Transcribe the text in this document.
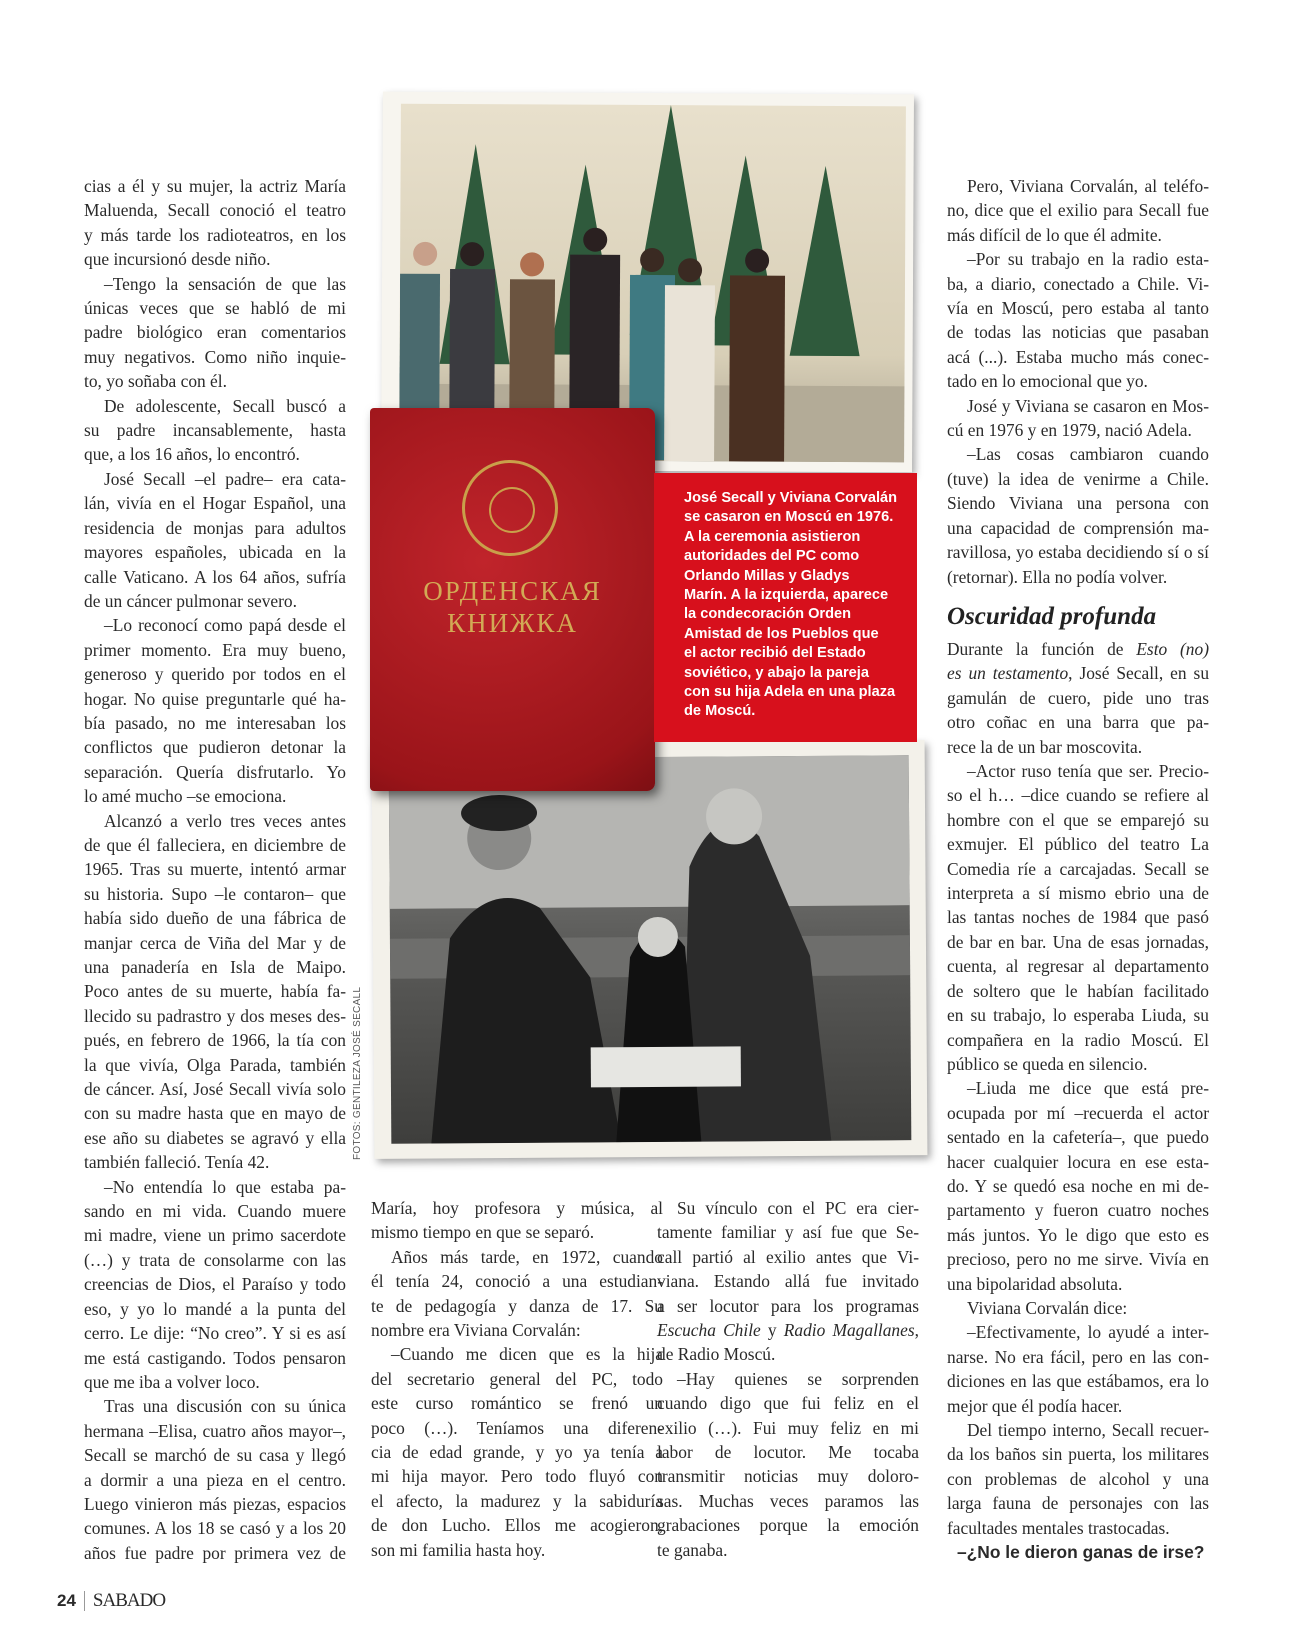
ОРДЕНСКАЯ
КНИЖКА
José Secall y Viviana Corvalán
se casaron en Moscú en 1976.
A la ceremonia asistieron
autoridades del PC como
Orlando Millas y Gladys
Marín. A la izquierda, aparece
la condecoración Orden
Amistad de los Pueblos que
el actor recibió del Estado
soviético, y abajo la pareja
con su hija Adela en una plaza
de Moscú.
FOTOS: GENTILEZA JOSÉ SECALL
cias a él y su mujer, la actriz María
Maluenda, Secall conoció el teatro
y más tarde los radioteatros, en los
que incursionó desde niño.
–Tengo la sensación de que las
únicas veces que se habló de mi
padre biológico eran comentarios
muy negativos. Como niño inquie-
to, yo soñaba con él.
De adolescente, Secall buscó a
su padre incansablemente, hasta
que, a los 16 años, lo encontró.
José Secall –el padre– era cata-
lán, vivía en el Hogar Español, una
residencia de monjas para adultos
mayores españoles, ubicada en la
calle Vaticano. A los 64 años, sufría
de un cáncer pulmonar severo.
–Lo reconocí como papá desde el
primer momento. Era muy bueno,
generoso y querido por todos en el
hogar. No quise preguntarle qué ha-
bía pasado, no me interesaban los
conflictos que pudieron detonar la
separación. Quería disfrutarlo. Yo
lo amé mucho –se emociona.
Alcanzó a verlo tres veces antes
de que él falleciera, en diciembre de
1965. Tras su muerte, intentó armar
su historia. Supo –le contaron– que
había sido dueño de una fábrica de
manjar cerca de Viña del Mar y de
una panadería en Isla de Maipo.
Poco antes de su muerte, había fa-
llecido su padrastro y dos meses des-
pués, en febrero de 1966, la tía con
la que vivía, Olga Parada, también
de cáncer. Así, José Secall vivía solo
con su madre hasta que en mayo de
ese año su diabetes se agravó y ella
también falleció. Tenía 42.
–No entendía lo que estaba pa-
sando en mi vida. Cuando muere
mi madre, viene un primo sacerdote
(…) y trata de consolarme con las
creencias de Dios, el Paraíso y todo
eso, y yo lo mandé a la punta del
cerro. Le dije: “No creo”. Y si es así
me está castigando. Todos pensaron
que me iba a volver loco.
Tras una discusión con su única
hermana –Elisa, cuatro años mayor–,
Secall se marchó de su casa y llegó
a dormir a una pieza en el centro.
Luego vinieron más piezas, espacios
comunes. A los 18 se casó y a los 20
años fue padre por primera vez de
María, hoy profesora y música, al
mismo tiempo en que se separó.
Años más tarde, en 1972, cuando
él tenía 24, conoció a una estudian-
te de pedagogía y danza de 17. Su
nombre era Viviana Corvalán:
–Cuando me dicen que es la hija
del secretario general del PC, todo
este curso romántico se frenó un
poco (…). Teníamos una diferen-
cia de edad grande, y yo ya tenía a
mi hija mayor. Pero todo fluyó con
el afecto, la madurez y la sabiduría
de don Lucho. Ellos me acogieron,
son mi familia hasta hoy.
Su vínculo con el PC era cier-
tamente familiar y así fue que Se-
call partió al exilio antes que Vi-
viana. Estando allá fue invitado
a ser locutor para los programas
Escucha Chile y Radio Magallanes,
de Radio Moscú.
–Hay quienes se sorprenden
cuando digo que fui feliz en el
exilio (…). Fui muy feliz en mi
labor de locutor. Me tocaba
transmitir noticias muy doloro-
sas. Muchas veces paramos las
grabaciones porque la emoción
te ganaba.
Pero, Viviana Corvalán, al teléfo-
no, dice que el exilio para Secall fue
más difícil de lo que él admite.
–Por su trabajo en la radio esta-
ba, a diario, conectado a Chile. Vi-
vía en Moscú, pero estaba al tanto
de todas las noticias que pasaban
acá (...). Estaba mucho más conec-
tado en lo emocional que yo.
José y Viviana se casaron en Mos-
cú en 1976 y en 1979, nació Adela.
–Las cosas cambiaron cuando
(tuve) la idea de venirme a Chile.
Siendo Viviana una persona con
una capacidad de comprensión ma-
ravillosa, yo estaba decidiendo sí o sí
(retornar). Ella no podía volver.
Oscuridad profunda
Durante la función de Esto (no)
es un testamento, José Secall, en su
gamulán de cuero, pide uno tras
otro coñac en una barra que pa-
rece la de un bar moscovita.
–Actor ruso tenía que ser. Precio-
so el h… –dice cuando se refiere al
hombre con el que se emparejó su
exmujer. El público del teatro La
Comedia ríe a carcajadas. Secall se
interpreta a sí mismo ebrio una de
las tantas noches de 1984 que pasó
de bar en bar. Una de esas jornadas,
cuenta, al regresar al departamento
de soltero que le habían facilitado
en su trabajo, lo esperaba Liuda, su
compañera en la radio Moscú. El
público se queda en silencio.
–Liuda me dice que está pre-
ocupada por mí –recuerda el actor
sentado en la cafetería–, que puedo
hacer cualquier locura en ese esta-
do. Y se quedó esa noche en mi de-
partamento y fueron cuatro noches
más juntos. Yo le digo que esto es
precioso, pero no me sirve. Vivía en
una bipolaridad absoluta.
Viviana Corvalán dice:
–Efectivamente, lo ayudé a inter-
narse. No era fácil, pero en las con-
diciones en las que estábamos, era lo
mejor que él podía hacer.
Del tiempo interno, Secall recuer-
da los baños sin puerta, los militares
con problemas de alcohol y una
larga fauna de personajes con las
facultades mentales trastocadas.
–¿No le dieron ganas de irse?
24 SABADO
